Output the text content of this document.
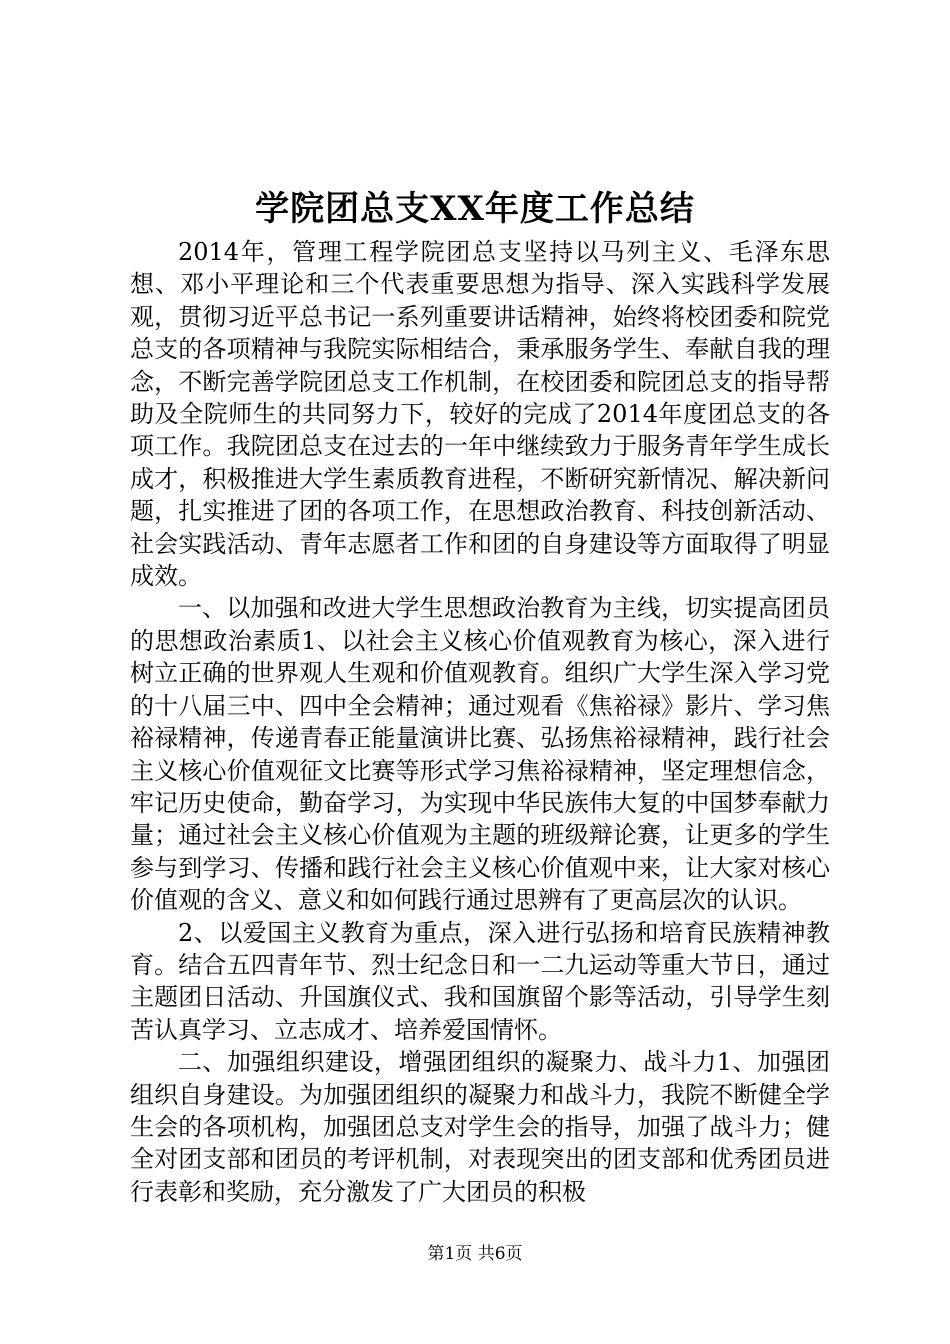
学院团总支XX年度工作总结

2014年，管理工程学院团总支坚持以马列主义、毛泽东思想、邓小平理论和三个代表重要思想为指导、深入实践科学发展观，贯彻习近平总书记一系列重要讲话精神，始终将校团委和院党总支的各项精神与我院实际相结合，秉承服务学生、奉献自我的理念，不断完善学院团总支工作机制，在校团委和院团总支的指导帮助及全院师生的共同努力下，较好的完成了2014年度团总支的各项工作。我院团总支在过去的一年中继续致力于服务青年学生成长成才，积极推进大学生素质教育进程，不断研究新情况、解决新问题，扎实推进了团的各项工作，在思想政治教育、科技创新活动、社会实践活动、青年志愿者工作和团的自身建设等方面取得了明显成效。

一、以加强和改进大学生思想政治教育为主线，切实提高团员的思想政治素质1、以社会主义核心价值观教育为核心，深入进行树立正确的世界观人生观和价值观教育。组织广大学生深入学习党的十八届三中、四中全会精神；通过观看《焦裕禄》影片、学习焦裕禄精神，传递青春正能量演讲比赛、弘扬焦裕禄精神，践行社会主义核心价值观征文比赛等形式学习焦裕禄精神，坚定理想信念，牢记历史使命，勤奋学习，为实现中华民族伟大复的中国梦奉献力量；通过社会主义核心价值观为主题的班级辩论赛，让更多的学生参与到学习、传播和践行社会主义核心价值观中来，让大家对核心价值观的含义、意义和如何践行通过思辨有了更高层次的认识。

2、以爱国主义教育为重点，深入进行弘扬和培育民族精神教育。结合五四青年节、烈士纪念日和一二九运动等重大节日，通过主题团日活动、升国旗仪式、我和国旗留个影等活动，引导学生刻苦认真学习、立志成才、培养爱国情怀。

二、加强组织建设，增强团组织的凝聚力、战斗力1、加强团组织自身建设。为加强团组织的凝聚力和战斗力，我院不断健全学生会的各项机构，加强团总支对学生会的指导，加强了战斗力；健全对团支部和团员的考评机制，对表现突出的团支部和优秀团员进行表彰和奖励，充分激发了广大团员的积极

第1页 共6页
